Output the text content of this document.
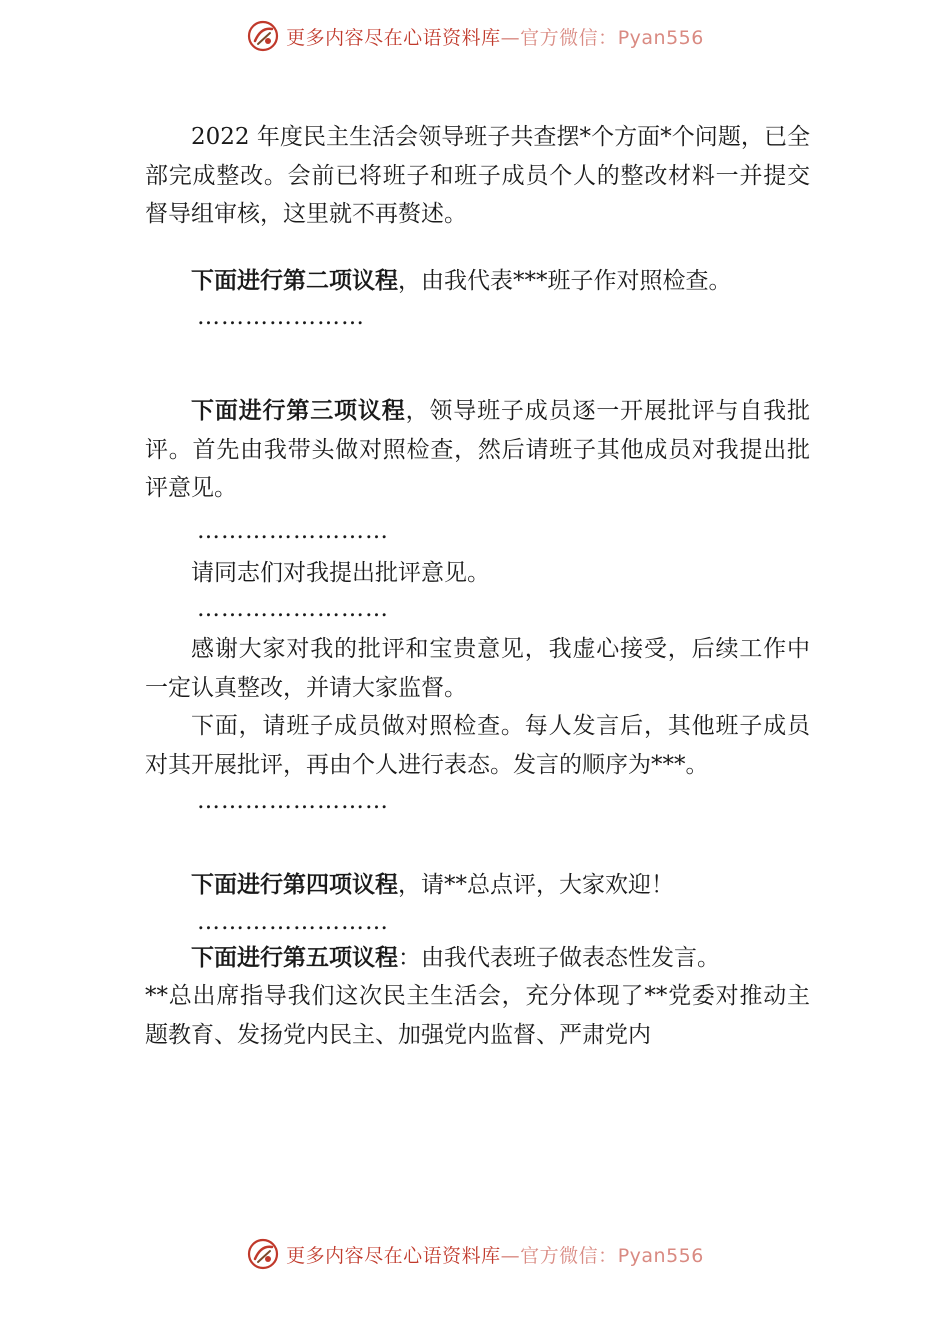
更多内容尽在心语资料库—官方微信：Pyan556

2022 年度民主生活会领导班子共查摆*个方面*个问题，已全部完成整改。会前已将班子和班子成员个人的整改材料一并提交督导组审核，这里就不再赘述。

下面进行第二项议程，由我代表***班子作对照检查。

…………………

下面进行第三项议程，领导班子成员逐一开展批评与自我批评。首先由我带头做对照检查，然后请班子其他成员对我提出批评意见。

……………………

请同志们对我提出批评意见。

……………………

感谢大家对我的批评和宝贵意见，我虚心接受，后续工作中一定认真整改，并请大家监督。

下面，请班子成员做对照检查。每人发言后，其他班子成员对其开展批评，再由个人进行表态。发言的顺序为***。

……………………

下面进行第四项议程，请**总点评，大家欢迎！

……………………

下面进行第五项议程：由我代表班子做表态性发言。

**总出席指导我们这次民主生活会，充分体现了**党委对推动主题教育、发扬党内民主、加强党内监督、严肃党内

更多内容尽在心语资料库—官方微信：Pyan556
